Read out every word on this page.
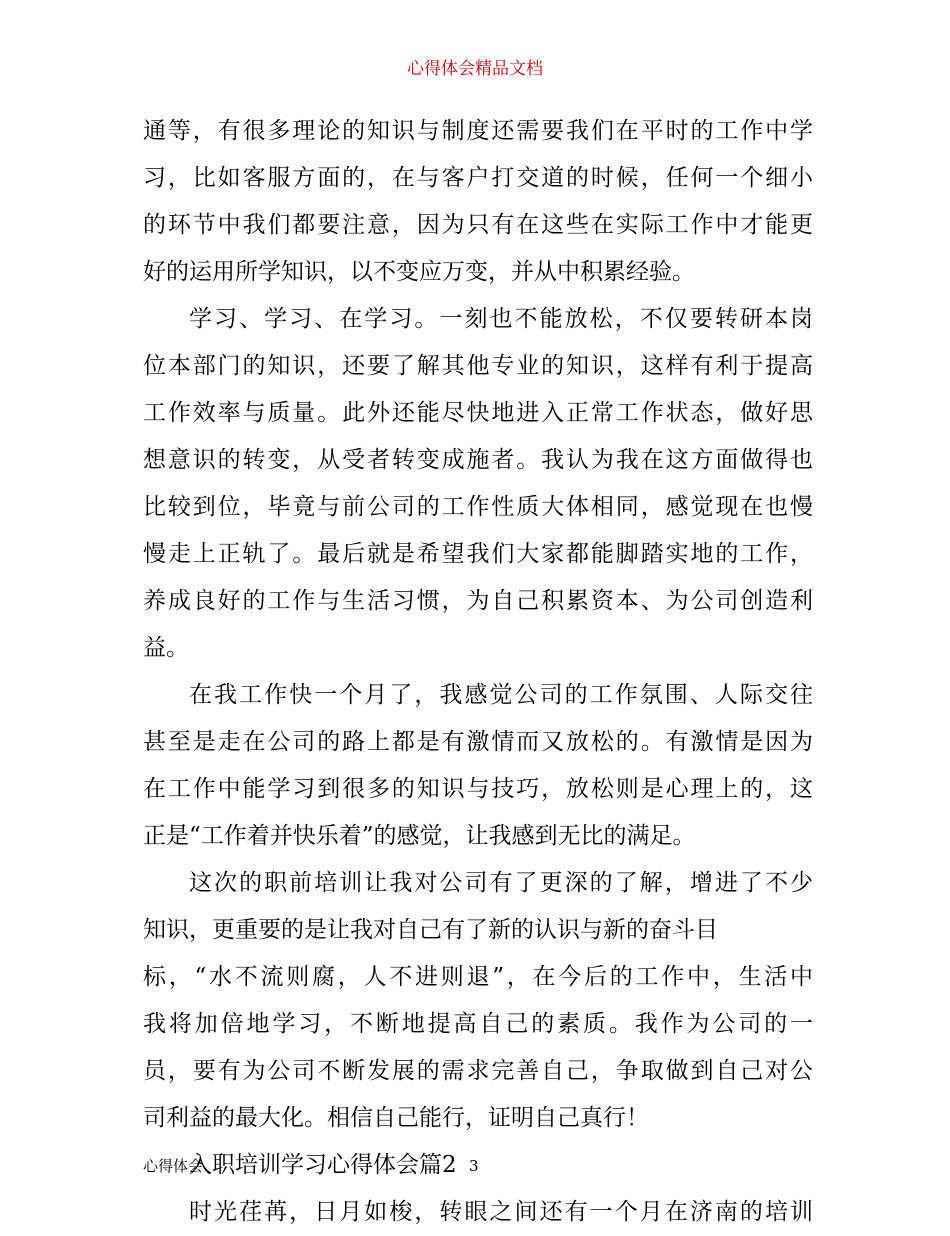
心得体会精品文档
通等，有很多理论的知识与制度还需要我们在平时的工作中学
习，比如客服方面的，在与客户打交道的时候，任何一个细小
的环节中我们都要注意，因为只有在这些在实际工作中才能更
好的运用所学知识，以不变应万变，并从中积累经验。
学习、学习、在学习。一刻也不能放松，不仅要转研本岗
位本部门的知识，还要了解其他专业的知识，这样有利于提高
工作效率与质量。此外还能尽快地进入正常工作状态，做好思
想意识的转变，从受者转变成施者。我认为我在这方面做得也
比较到位，毕竟与前公司的工作性质大体相同，感觉现在也慢
慢走上正轨了。最后就是希望我们大家都能脚踏实地的工作，
养成良好的工作与生活习惯，为自己积累资本、为公司创造利
益。
在我工作快一个月了，我感觉公司的工作氛围、人际交往
甚至是走在公司的路上都是有激情而又放松的。有激情是因为
在工作中能学习到很多的知识与技巧，放松则是心理上的，这
正是“工作着并快乐着”的感觉，让我感到无比的满足。
这次的职前培训让我对公司有了更深的了解，增进了不少
知识，更重要的是让我对自己有了新的认识与新的奋斗目
标，“水不流则腐，人不进则退”，在今后的工作中，生活中
我将加倍地学习，不断地提高自己的素质。我作为公司的一
员，要有为公司不断发展的需求完善自己，争取做到自己对公
司利益的最大化。相信自己能行，证明自己真行！
入职培训学习心得体会篇2
时光荏苒，日月如梭，转眼之间还有一个月在济南的培训
心得体会	3
